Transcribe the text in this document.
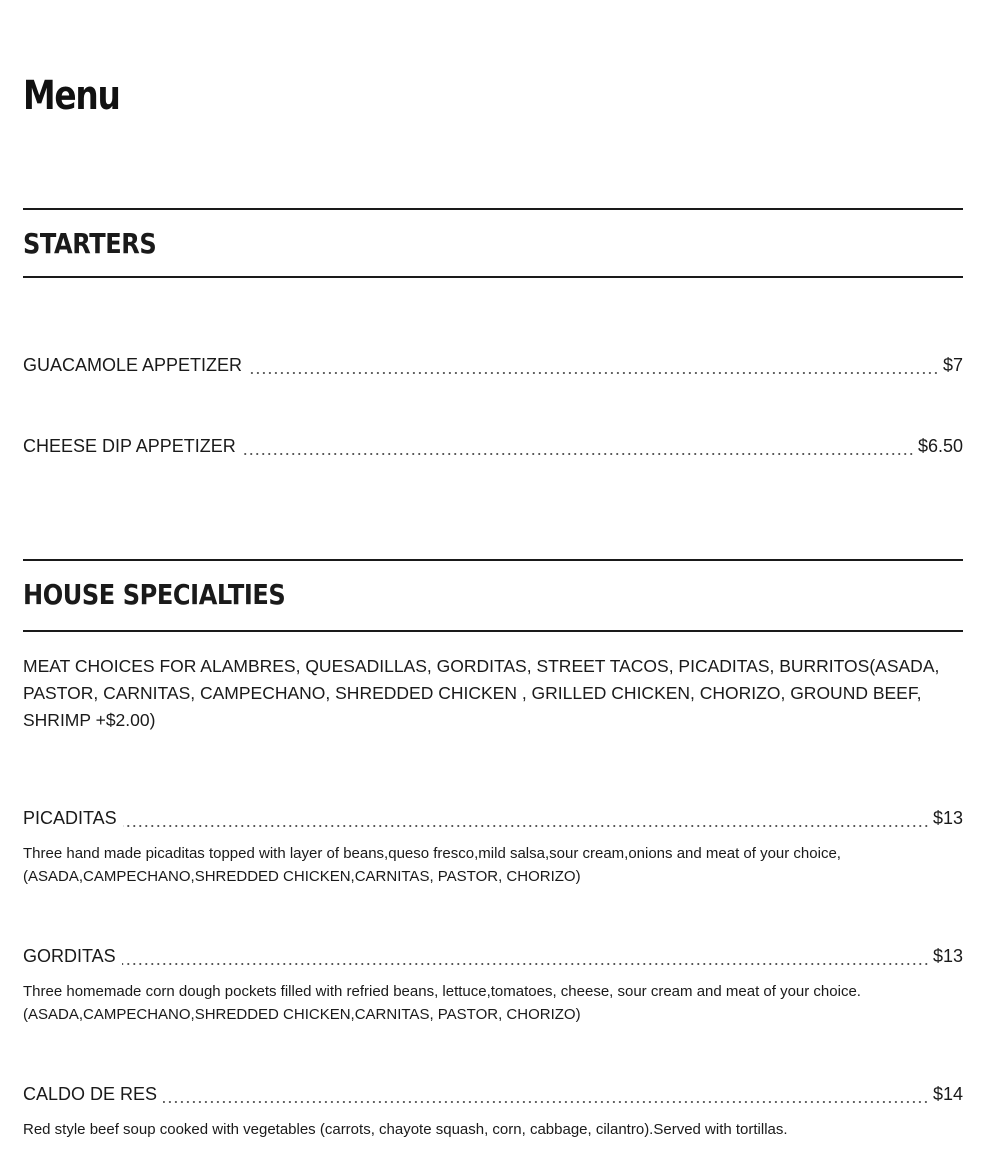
Menu
STARTERS
GUACAMOLE APPETIZER	$7
CHEESE DIP APPETIZER	$6.50
HOUSE SPECIALTIES
MEAT CHOICES FOR ALAMBRES, QUESADILLAS, GORDITAS, STREET TACOS, PICADITAS, BURRITOS(ASADA, PASTOR, CARNITAS, CAMPECHANO, SHREDDED CHICKEN , GRILLED CHICKEN, CHORIZO, GROUND BEEF, SHRIMP +$2.00)
PICADITAS	$13
Three hand made picaditas topped with layer of beans,queso fresco,mild salsa,sour cream,onions and meat of your choice,(ASADA,CAMPECHANO,SHREDDED CHICKEN,CARNITAS, PASTOR, CHORIZO)
GORDITAS	$13
Three homemade corn dough pockets filled with refried beans, lettuce,tomatoes, cheese, sour cream and meat of your choice.(ASADA,CAMPECHANO,SHREDDED CHICKEN,CARNITAS, PASTOR, CHORIZO)
CALDO DE RES	$14
Red style beef soup cooked with vegetables (carrots, chayote squash, corn, cabbage, cilantro).Served with tortillas.
